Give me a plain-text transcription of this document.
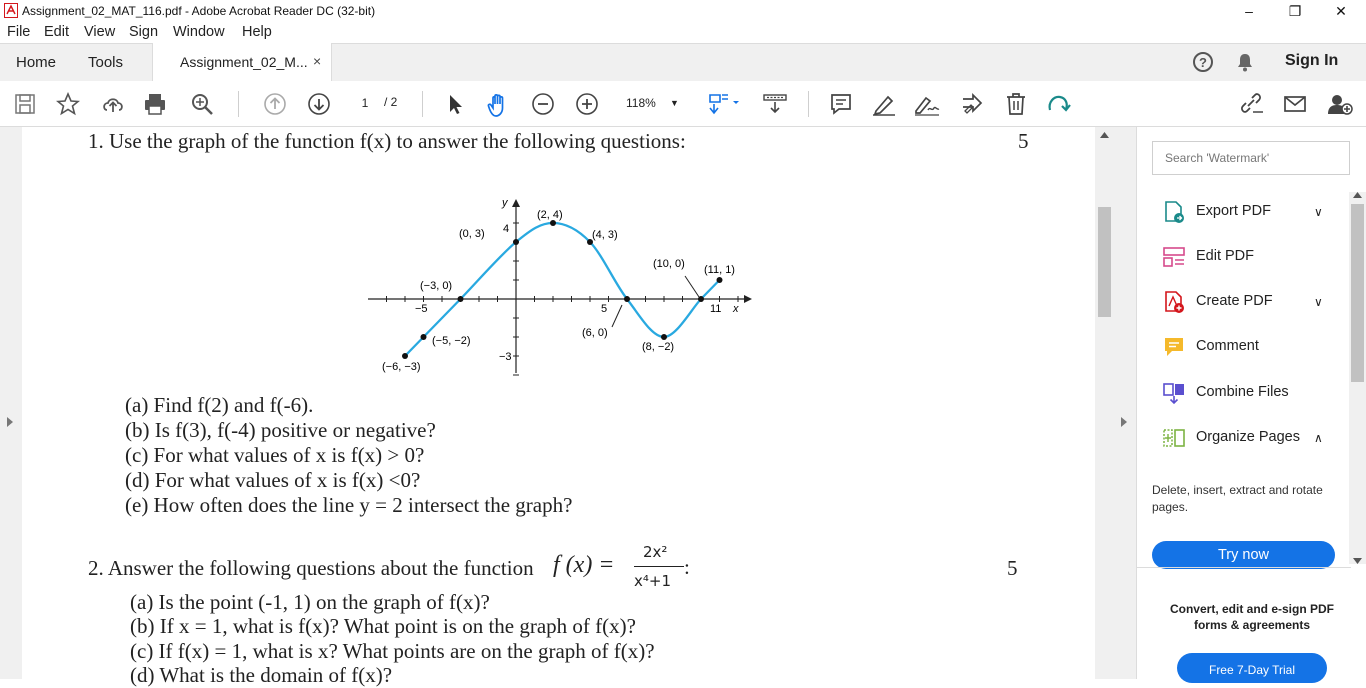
Assignment_02_MAT_116.pdf - Adobe Acrobat Reader DC (32-bit)	–	❐	✕
File Edit View Sign Window Help
Home Tools	Assignment_02_M... ×	?	Sign In
1	/ 2	118% ▼
1. Use the graph of the function f(x) to answer the following questions:	5
y
x
4
−3
−5	5	11
(−6, −3)
(−5, −2)
(−3, 0)
(0, 3)
(2, 4)
(4, 3)
(6, 0)
(8, −2)
(10, 0) (11, 1)
(a) Find f(2) and f(-6).
(b) Is f(3), f(-4) positive or negative?
(c) For what values of x is f(x) > 0?
(d) For what values of x is f(x) <0?
(e) How often does the line y = 2 intersect the graph?
2. Answer the following questions about the function f (x) = 2x²
x⁴+1
:	5
(a) Is the point (-1, 1) on the graph of f(x)?
(b) If x = 1, what is f(x)? What point is on the graph of f(x)?
(c) If f(x) = 1, what is x? What points are on the graph of f(x)?
(d) What is the domain of f(x)?
Search 'Watermark'
Export PDF	∨
Edit PDF
Create PDF	∨
Comment
Combine Files
Organize Pages ∧
Delete, insert, extract and rotate pages.
Try now
Convert, edit and e-sign PDF forms & agreements
Free 7-Day Trial
